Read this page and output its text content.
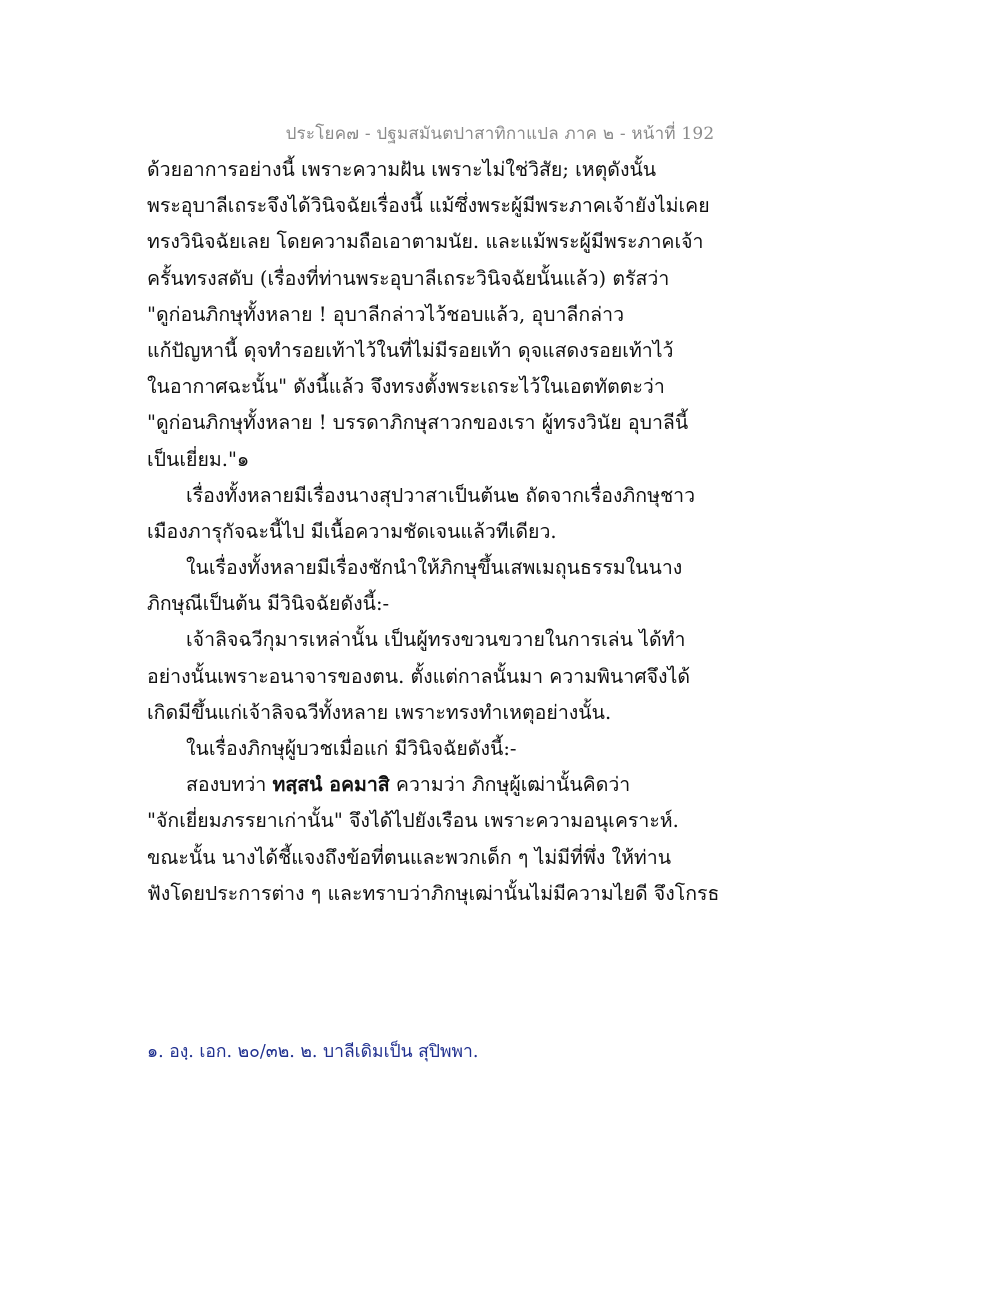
ประโยค๗ - ปฐมสมันตปาสาทิกาแปล ภาค ๒ - หน้าที่ 192
ด้วยอาการอย่างนี้ เพราะความฝัน เพราะไม่ใช่วิสัย; เหตุดังนั้น
พระอุบาลีเถระจึงได้วินิจฉัยเรื่องนี้ แม้ซึ่งพระผู้มีพระภาคเจ้ายังไม่เคย
ทรงวินิจฉัยเลย โดยความถือเอาตามนัย. และแม้พระผู้มีพระภาคเจ้า
ครั้นทรงสดับ (เรื่องที่ท่านพระอุบาลีเถระวินิจฉัยนั้นแล้ว) ตรัสว่า
"ดูก่อนภิกษุทั้งหลาย ! อุบาลีกล่าวไว้ชอบแล้ว, อุบาลีกล่าว
แก้ปัญหานี้ ดุจทำรอยเท้าไว้ในที่ไม่มีรอยเท้า ดุจแสดงรอยเท้าไว้
ในอากาศฉะนั้น" ดังนี้แล้ว จึงทรงตั้งพระเถระไว้ในเอตทัตตะว่า
"ดูก่อนภิกษุทั้งหลาย ! บรรดาภิกษุสาวกของเรา ผู้ทรงวินัย อุบาลีนี้
เป็นเยี่ยม."๑
เรื่องทั้งหลายมีเรื่องนางสุปวาสาเป็นต้น๒ ถัดจากเรื่องภิกษุชาว
เมืองภารุกัจฉะนี้ไป มีเนื้อความชัดเจนแล้วทีเดียว.
ในเรื่องทั้งหลายมีเรื่องชักนำให้ภิกษุขึ้นเสพเมถุนธรรมในนาง
ภิกษุณีเป็นต้น มีวินิจฉัยดังนี้:-
เจ้าลิจฉวีกุมารเหล่านั้น เป็นผู้ทรงขวนขวายในการเล่น ได้ทำ
อย่างนั้นเพราะอนาจารของตน. ตั้งแต่กาลนั้นมา ความพินาศจึงได้
เกิดมีขึ้นแก่เจ้าลิจฉวีทั้งหลาย เพราะทรงทำเหตุอย่างนั้น.
ในเรื่องภิกษุผู้บวชเมื่อแก่ มีวินิจฉัยดังนี้:-
สองบทว่า ทสฺสนํ อคมาสิ ความว่า ภิกษุผู้เฒ่านั้นคิดว่า
"จักเยี่ยมภรรยาเก่านั้น" จึงได้ไปยังเรือน เพราะความอนุเคราะห์.
ขณะนั้น นางได้ชี้แจงถึงข้อที่ตนและพวกเด็ก ๆ ไม่มีที่พึ่ง ให้ท่าน
ฟังโดยประการต่าง ๆ และทราบว่าภิกษุเฒ่านั้นไม่มีความไยดี จึงโกรธ
๑. องฺ. เอก. ๒๐/๓๒. ๒. บาลีเดิมเป็น สุปิพพา.
